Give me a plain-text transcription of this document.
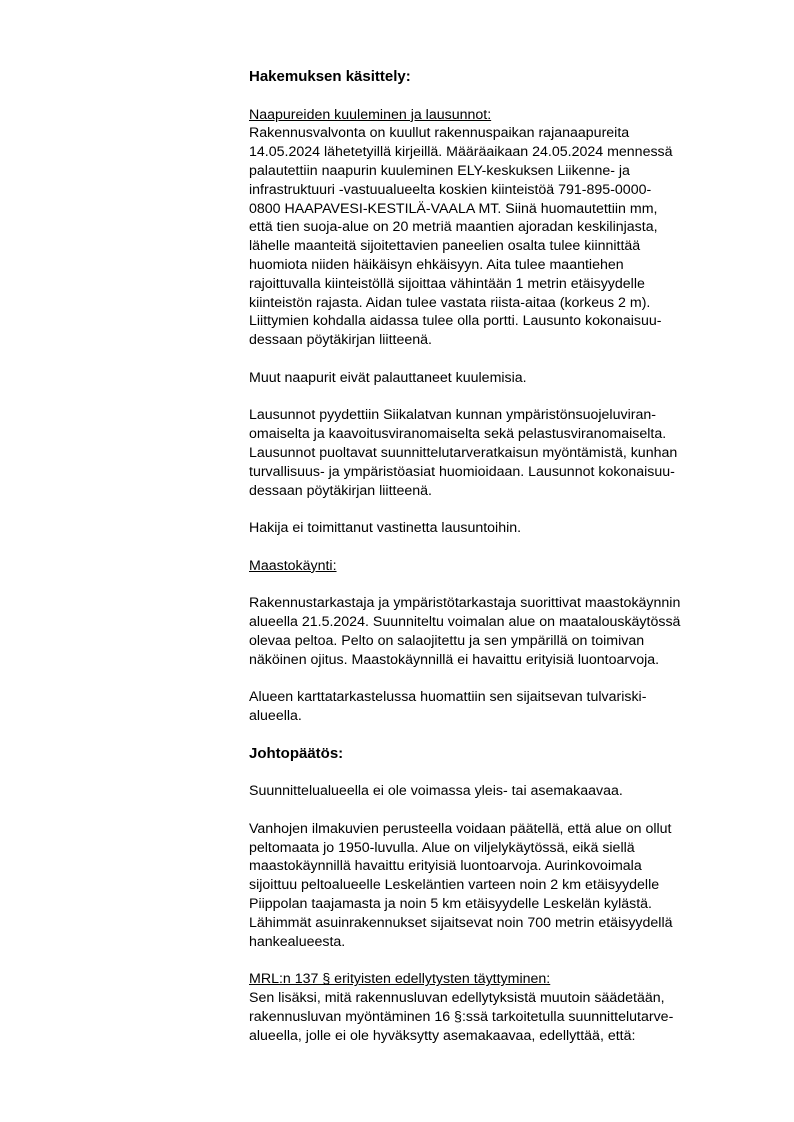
Hakemuksen käsittely:
Naapureiden kuuleminen ja lausunnot:
Rakennusvalvonta on kuullut rakennuspaikan rajanaapureita
14.05.2024 lähetetyillä kirjeillä. Määräaikaan 24.05.2024 mennessä
palautettiin naapurin kuuleminen ELY-keskuksen Liikenne- ja
infrastruktuuri -vastuualueelta koskien kiinteistöä 791-895-0000-
0800 HAAPAVESI-KESTILÄ-VAALA MT. Siinä huomautettiin mm,
että tien suoja-alue on 20 metriä maantien ajoradan keskilinjasta,
lähelle maanteitä sijoitettavien paneelien osalta tulee kiinnittää
huomiota niiden häikäisyn ehkäisyyn. Aita tulee maantiehen
rajoittuvalla kiinteistöllä sijoittaa vähintään 1 metrin etäisyydelle
kiinteistön rajasta. Aidan tulee vastata riista-aitaa (korkeus 2 m).
Liittymien kohdalla aidassa tulee olla portti. Lausunto kokonaisuu-
dessaan pöytäkirjan liitteenä.
Muut naapurit eivät palauttaneet kuulemisia.
Lausunnot pyydettiin Siikalatvan kunnan ympäristönsuojeluviran-
omaiselta ja kaavoitusviranomaiselta sekä pelastusviranomaiselta.
Lausunnot puoltavat suunnittelutarveratkaisun myöntämistä, kunhan
turvallisuus- ja ympäristöasiat huomioidaan. Lausunnot kokonaisuu-
dessaan pöytäkirjan liitteenä.
Hakija ei toimittanut vastinetta lausuntoihin.
Maastokäynti:
Rakennustarkastaja ja ympäristötarkastaja suorittivat maastokäynnin
alueella 21.5.2024. Suunniteltu voimalan alue on maatalouskäytössä
olevaa peltoa. Pelto on salaojitettu ja sen ympärillä on toimivan
näköinen ojitus. Maastokäynnillä ei havaittu erityisiä luontoarvoja.
Alueen karttatarkastelussa huomattiin sen sijaitsevan tulvariski-
alueella.
Johtopäätös:
Suunnittelualueella ei ole voimassa yleis- tai asemakaavaa.
Vanhojen ilmakuvien perusteella voidaan päätellä, että alue on ollut
peltomaata jo 1950-luvulla. Alue on viljelykäytössä, eikä siellä
maastokäynnillä havaittu erityisiä luontoarvoja. Aurinkovoimala
sijoittuu peltoalueelle Leskeläntien varteen noin 2 km etäisyydelle
Piippolan taajamasta ja noin 5 km etäisyydelle Leskelän kylästä.
Lähimmät asuinrakennukset sijaitsevat noin 700 metrin etäisyydellä
hankealueesta.
MRL:n 137 § erityisten edellytysten täyttyminen:
Sen lisäksi, mitä rakennusluvan edellytyksistä muutoin säädetään,
rakennusluvan myöntäminen 16 §:ssä tarkoitetulla suunnittelutarve-
alueella, jolle ei ole hyväksytty asemakaavaa, edellyttää, että:
